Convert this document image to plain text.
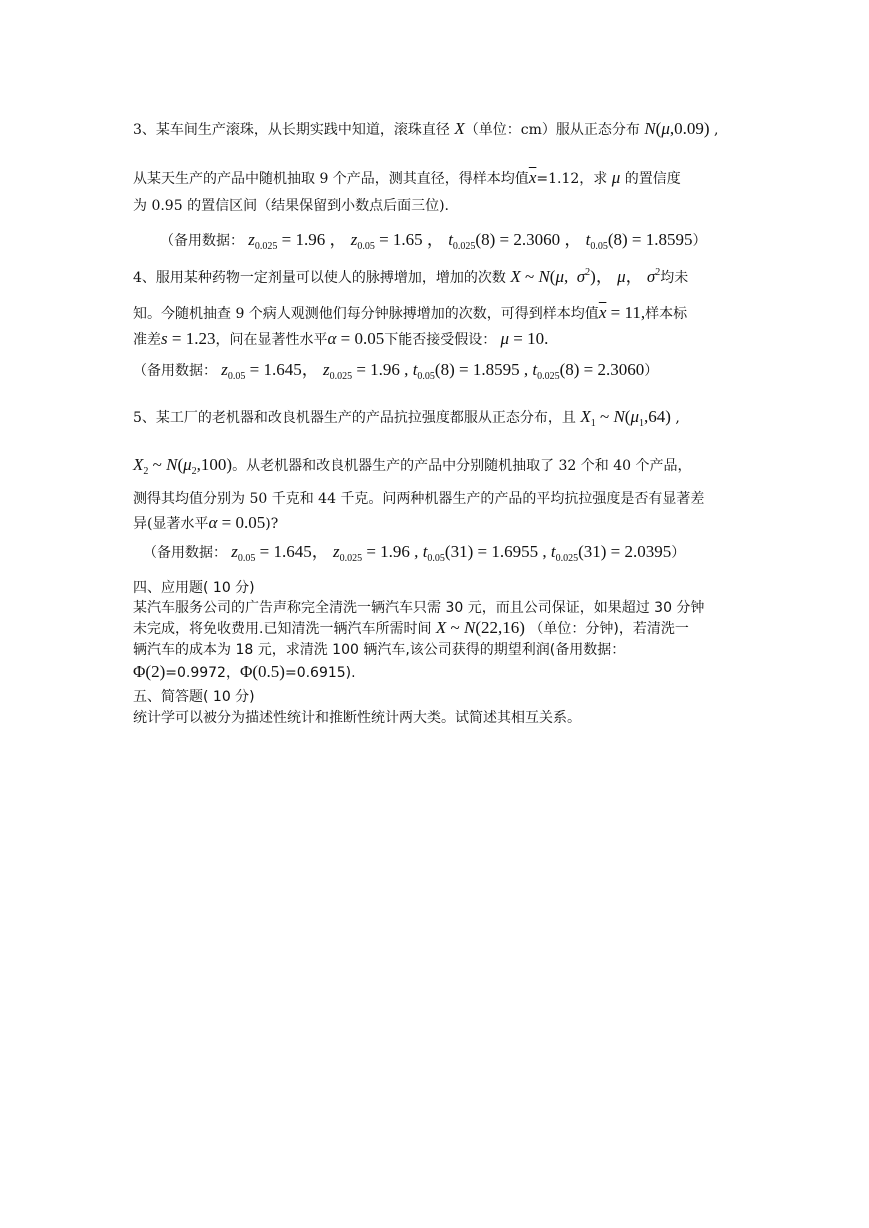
3、某车间生产滚珠，从长期实践中知道，滚珠直径 X（单位：cm）服从正态分布 N(μ,0.09) ,
从某天生产的产品中随机抽取 9 个产品，测其直径，得样本均值$\overline{x}=1.12$，求 μ 的置信度
为 0.95 的置信区间（结果保留到小数点后面三位).
（备用数据： $z_{0.025} = 1.96$ ， $z_{0.05} = 1.65$ ， $t_{0.025}(8) = 2.3060$ ， $t_{0.05}(8) = 1.8595$）
4、服用某种药物一定剂量可以使人的脉搏增加，增加的次数 X ~ N(μ,  $\sigma^2$)， μ， $\sigma^2$均未
知。今随机抽查 9 个病人观测他们每分钟脉搏增加的次数，可得到样本均值$\overline{x} = 11$,样本标
准差s = 1.23，问在显著性水平α = 0.05下能否接受假设： μ = 10.
（备用数据： $z_{0.05} = 1.645$， $z_{0.025} = 1.96$ , $t_{0.05}(8) = 1.8595$ , $t_{0.025}(8) = 2.3060$）
5、某工厂的老机器和改良机器生产的产品抗拉强度都服从正态分布，且 $X_1$ ~ $N(\mu_1,64)$ ,
$X_2$ ~ $N(\mu_2,100)$。从老机器和改良机器生产的产品中分别随机抽取了 32 个和 40 个产品，
测得其均值分别为 50 千克和 44 千克。问两种机器生产的产品的平均抗拉强度是否有显著差
异(显著水平α = 0.05)?
（备用数据： $z_{0.05} = 1.645$， $z_{0.025} = 1.96$ , $t_{0.05}(31) = 1.6955$ , $t_{0.025}(31) = 2.0395$）
四、应用题( 10 分)
某汽车服务公司的广告声称完全清洗一辆汽车只需 30 元，而且公司保证，如果超过 30 分钟
未完成，将免收费用.已知清洗一辆汽车所需时间 X ~ N(22,16) （单位：分钟)，若清洗一
辆汽车的成本为 18 元，求清洗 100 辆汽车,该公司获得的期望利润(备用数据：
Φ(2)=0.9972，Φ(0.5)=0.6915).
五、简答题( 10 分)
统计学可以被分为描述性统计和推断性统计两大类。试简述其相互关系。
